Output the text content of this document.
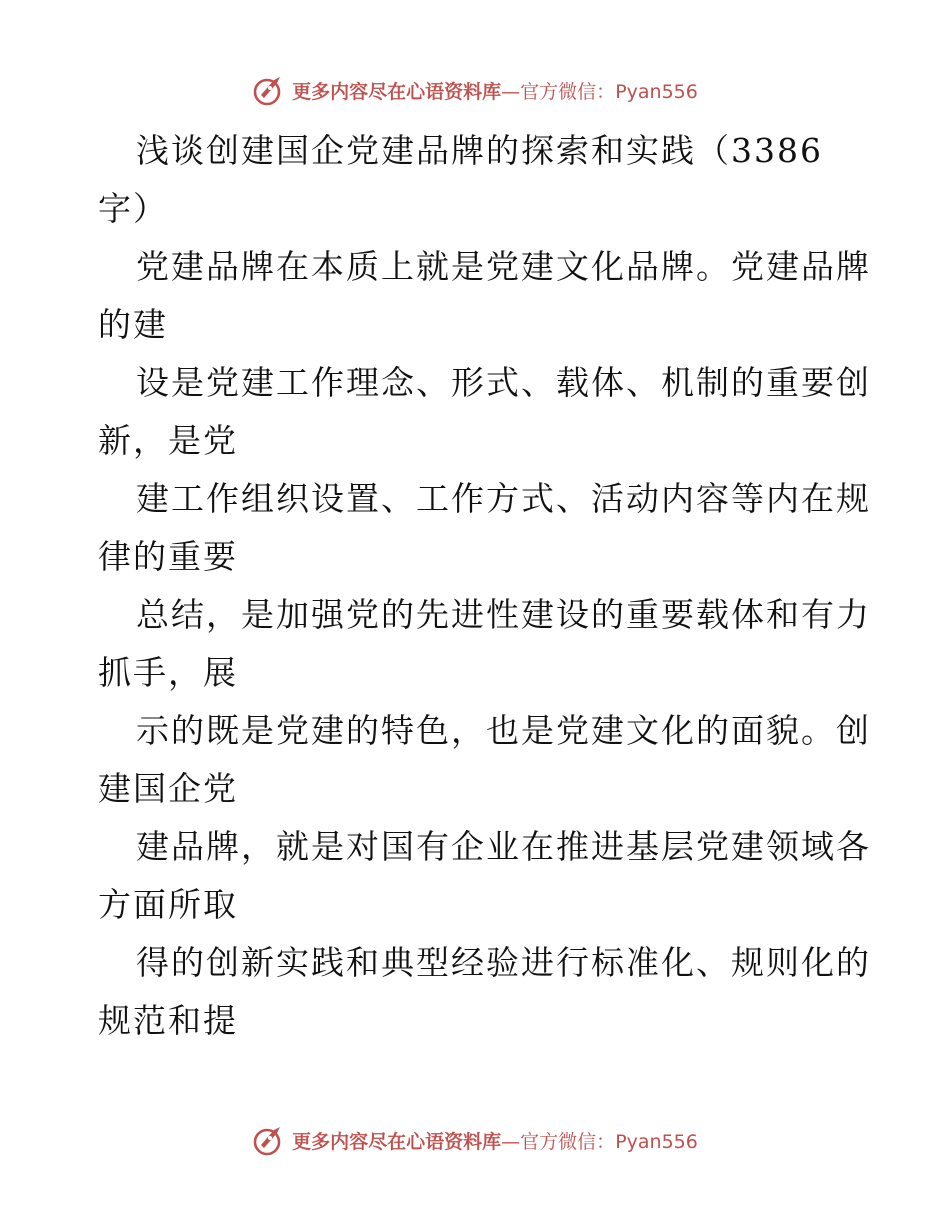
更多内容尽在心语资料库—官方微信：Pyan556

浅谈创建国企党建品牌的探索和实践（3386
字）

党建品牌在本质上就是党建文化品牌。党建品牌
的建

设是党建工作理念、形式、载体、机制的重要创
新，是党

建工作组织设置、工作方式、活动内容等内在规
律的重要

总结，是加强党的先进性建设的重要载体和有力
抓手，展

示的既是党建的特色，也是党建文化的面貌。创
建国企党

建品牌，就是对国有企业在推进基层党建领域各
方面所取

得的创新实践和典型经验进行标准化、规则化的
规范和提

更多内容尽在心语资料库—官方微信：Pyan556
